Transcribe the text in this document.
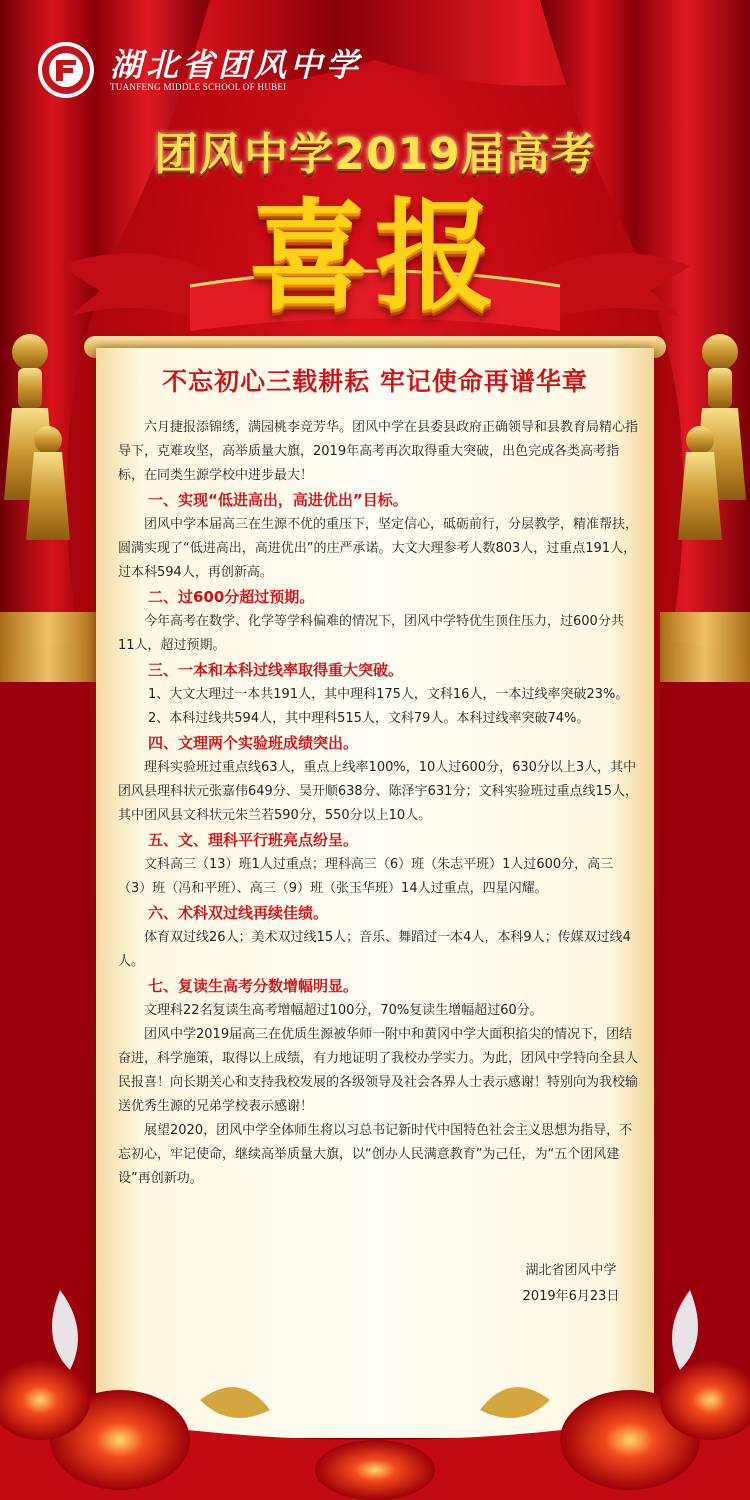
湖北省团风中学
TUANFENG MIDDLE SCHOOL OF HUBEI
团风中学2019届高考
喜报
不忘初心三载耕耘 牢记使命再谱华章

六月捷报添锦绣，满园桃李竞芳华。团风中学在县委县政府正确领导和县教育局精心指导下，克难攻坚，高举质量大旗，2019年高考再次取得重大突破，出色完成各类高考指标，在同类生源学校中进步最大！

一、实现“低进高出，高进优出”目标。

团风中学本届高三在生源不优的重压下，坚定信心，砥砺前行，分层教学，精准帮扶，圆满实现了“低进高出，高进优出”的庄严承诺。大文大理参考人数803人，过重点191人，过本科594人，再创新高。

二、过600分超过预期。

今年高考在数学、化学等学科偏难的情况下，团风中学特优生顶住压力，过600分共11人，超过预期。

三、一本和本科过线率取得重大突破。

1、大文大理过一本共191人，其中理科175人，文科16人，一本过线率突破23%。

2、本科过线共594人，其中理科515人，文科79人。本科过线率突破74%。

四、文理两个实验班成绩突出。

理科实验班过重点线63人，重点上线率100%，10人过600分，630分以上3人，其中团风县理科状元张嘉伟649分、吴开顺638分、陈泽宇631分；文科实验班过重点线15人，其中团风县文科状元朱兰若590分，550分以上10人。

五、文、理科平行班亮点纷呈。

文科高三（13）班1人过重点；理科高三（6）班（朱志平班）1人过600分，高三（3）班（冯和平班）、高三（9）班（张玉华班）14人过重点，四星闪耀。

六、术科双过线再续佳绩。

体育双过线26人；美术双过线15人；音乐、舞蹈过一本4人，本科9人；传媒双过线4人。

七、复读生高考分数增幅明显。

文理科22名复读生高考增幅超过100分，70%复读生增幅超过60分。

团风中学2019届高三在优质生源被华师一附中和黄冈中学大面积掐尖的情况下，团结奋进，科学施策，取得以上成绩，有力地证明了我校办学实力。为此，团风中学特向全县人民报喜！向长期关心和支持我校发展的各级领导及社会各界人士表示感谢！特别向为我校输送优秀生源的兄弟学校表示感谢！

展望2020，团风中学全体师生将以习总书记新时代中国特色社会主义思想为指导，不忘初心，牢记使命，继续高举质量大旗，以“创办人民满意教育”为己任，为“五个团风建设”再创新功。

湖北省团风中学
2019年6月23日
